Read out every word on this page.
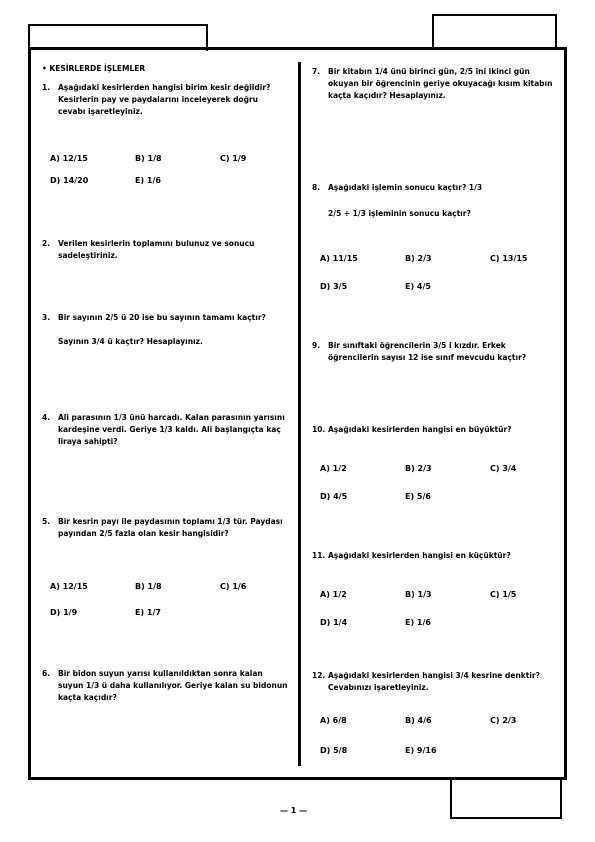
• KESİRLERDE İŞLEMLER
1.	Aşağıdaki kesirlerden hangisi birim kesir değildir? Kesirlerin pay ve paydalarını inceleyerek doğru cevabı işaretleyiniz.
A) 12/15	B) 1/8	C) 1/9
D) 14/20	E) 1/6
2.	Verilen kesirlerin toplamını bulunuz ve sonucu sadeleştiriniz.
3.	Bir sayının 2/5 ü 20 ise bu sayının tamamı kaçtır?
Sayının 3/4 ü kaçtır? Hesaplayınız.
4.	Ali parasının 1/3 ünü harcadı. Kalan parasının yarısını kardeşine verdi. Geriye 1/3 kaldı. Ali başlangıçta kaç liraya sahipti?
5.	Bir kesrin payı ile paydasının toplamı 1/3 tür. Paydası payından 2/5 fazla olan kesir hangisidir?
A) 12/15	B) 1/8	C) 1/6
D) 1/9	E) 1/7
6.	Bir bidon suyun yarısı kullanıldıktan sonra kalan suyun 1/3 ü daha kullanılıyor. Geriye kalan su bidonun kaçta kaçıdır?
7.	Bir kitabın 1/4 ünü birinci gün, 2/5 ini ikinci gün okuyan bir öğrencinin geriye okuyacağı kısım kitabın kaçta kaçıdır? Hesaplayınız.
8.	Aşağıdaki işlemin sonucu kaçtır? 1/3
2/5 + 1/3 işleminin sonucu kaçtır?
A) 11/15	B) 2/3	C) 13/15
D) 3/5	E) 4/5
9.	Bir sınıftaki öğrencilerin 3/5 i kızdır. Erkek öğrencilerin sayısı 12 ise sınıf mevcudu kaçtır?
10. Aşağıdaki kesirlerden hangisi en büyüktür?
A) 1/2	B) 2/3	C) 3/4
D) 4/5	E) 5/6
11. Aşağıdaki kesirlerden hangisi en küçüktür?
A) 1/2	B) 1/3	C) 1/5
D) 1/4	E) 1/6
12. Aşağıdaki kesirlerden hangisi 3/4 kesrine denktir? Cevabınızı işaretleyiniz.
A) 6/8	B) 4/6	C) 2/3
D) 5/8	E) 9/16
— 1 —
